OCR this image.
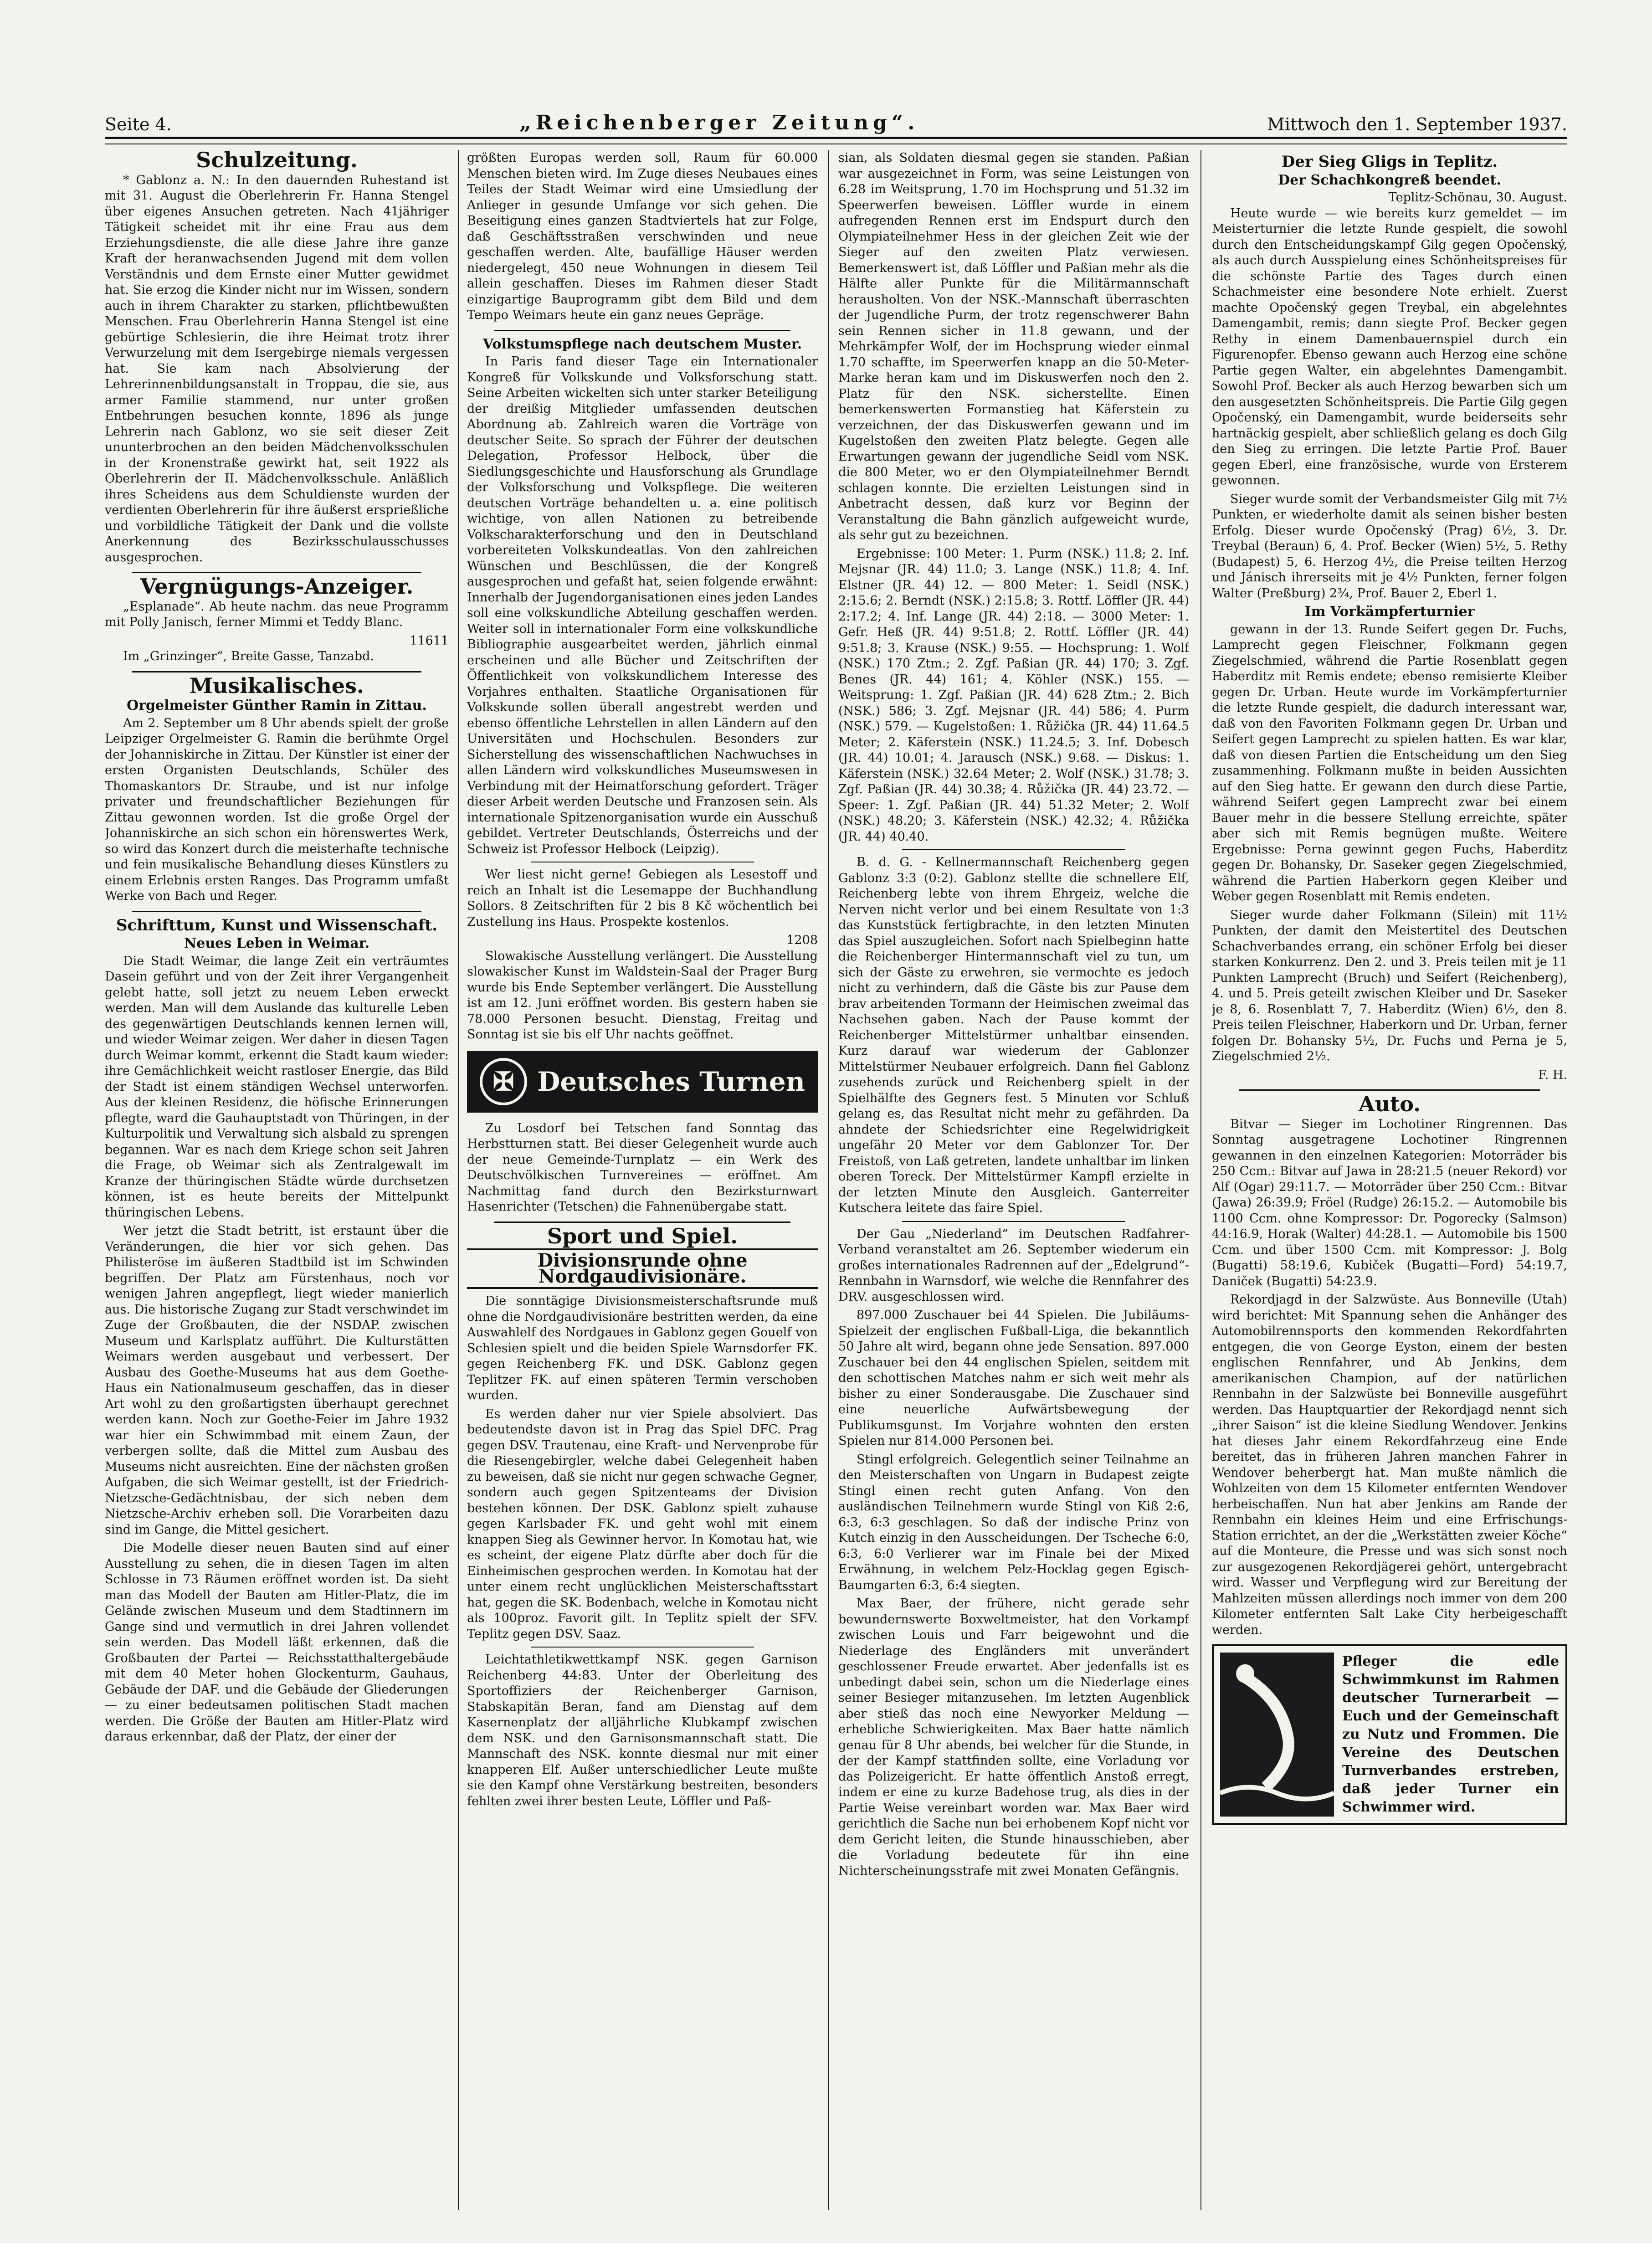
Seite 4.	„Reichenberger Zeitung“.	Mittwoch den 1. September 1937.
Schulzeitung.

* Gablonz a. N.: In den dauernden Ruhestand ist mit 31. August die Oberlehrerin Fr. Hanna Stengel über eigenes Ansuchen getreten. Nach 41jähriger Tätigkeit scheidet mit ihr eine Frau aus dem Erziehungsdienste, die alle diese Jahre ihre ganze Kraft der heranwachsenden Jugend mit dem vollen Verständnis und dem Ernste einer Mutter gewidmet hat. Sie erzog die Kinder nicht nur im Wissen, sondern auch in ihrem Charakter zu starken, pflichtbewußten Menschen. Frau Oberlehrerin Hanna Stengel ist eine gebürtige Schlesierin, die ihre Heimat trotz ihrer Verwurzelung mit dem Isergebirge niemals vergessen hat. Sie kam nach Absolvierung der Lehrerinnenbildungsanstalt in Troppau, die sie, aus armer Familie stammend, nur unter großen Entbehrungen besuchen konnte, 1896 als junge Lehrerin nach Gablonz, wo sie seit dieser Zeit ununterbrochen an den beiden Mädchenvolksschulen in der Kronenstraße gewirkt hat, seit 1922 als Oberlehrerin der II. Mädchenvolksschule. Anläßlich ihres Scheidens aus dem Schuldienste wurden der verdienten Oberlehrerin für ihre äußerst ersprießliche und vorbildliche Tätigkeit der Dank und die vollste Anerkennung des Bezirksschulausschusses ausgesprochen.

Vergnügungs-Anzeiger.

„Esplanade“. Ab heute nachm. das neue Programm mit Polly Janisch, ferner Mimmi et Teddy Blanc.

11611

Im „Grinzinger“, Breite Gasse, Tanzabd.

Musikalisches.
Orgelmeister Günther Ramin in Zittau.

Am 2. September um 8 Uhr abends spielt der große Leipziger Orgelmeister G. Ramin die berühmte Orgel der Johanniskirche in Zittau. Der Künstler ist einer der ersten Organisten Deutschlands, Schüler des Thomaskantors Dr. Straube, und ist nur infolge privater und freundschaftlicher Beziehungen für Zittau gewonnen worden. Ist die große Orgel der Johanniskirche an sich schon ein hörenswertes Werk, so wird das Konzert durch die meisterhafte technische und fein musikalische Behandlung dieses Künstlers zu einem Erlebnis ersten Ranges. Das Programm umfaßt Werke von Bach und Reger.

Schrifttum, Kunst und Wissenschaft.
Neues Leben in Weimar.

Die Stadt Weimar, die lange Zeit ein verträumtes Dasein geführt und von der Zeit ihrer Vergangenheit gelebt hatte, soll jetzt zu neuem Leben erweckt werden. Man will dem Auslande das kulturelle Leben des gegenwärtigen Deutschlands kennen lernen will, und wieder Weimar zeigen. Wer daher in diesen Tagen durch Weimar kommt, erkennt die Stadt kaum wieder: ihre Gemächlichkeit weicht rastloser Energie, das Bild der Stadt ist einem ständigen Wechsel unterworfen. Aus der kleinen Residenz, die höfische Erinnerungen pflegte, ward die Gauhauptstadt von Thüringen, in der Kulturpolitik und Verwaltung sich alsbald zu sprengen begannen. War es nach dem Kriege schon seit Jahren die Frage, ob Weimar sich als Zentralgewalt im Kranze der thüringischen Städte würde durchsetzen können, ist es heute bereits der Mittelpunkt thüringischen Lebens.

Wer jetzt die Stadt betritt, ist erstaunt über die Veränderungen, die hier vor sich gehen. Das Philisteröse im äußeren Stadtbild ist im Schwinden begriffen. Der Platz am Fürstenhaus, noch vor wenigen Jahren angepflegt, liegt wieder manierlich aus. Die historische Zugang zur Stadt verschwindet im Zuge der Großbauten, die der NSDAP. zwischen Museum und Karlsplatz aufführt. Die Kulturstätten Weimars werden ausgebaut und verbessert. Der Ausbau des Goethe-Museums hat aus dem Goethe-Haus ein Nationalmuseum geschaffen, das in dieser Art wohl zu den großartigsten überhaupt gerechnet werden kann. Noch zur Goethe-Feier im Jahre 1932 war hier ein Schwimmbad mit einem Zaun, der verbergen sollte, daß die Mittel zum Ausbau des Museums nicht ausreichten. Eine der nächsten großen Aufgaben, die sich Weimar gestellt, ist der Friedrich-Nietzsche-Gedächtnisbau, der sich neben dem Nietzsche-Archiv erheben soll. Die Vorarbeiten dazu sind im Gange, die Mittel gesichert.

Die Modelle dieser neuen Bauten sind auf einer Ausstellung zu sehen, die in diesen Tagen im alten Schlosse in 73 Räumen eröffnet worden ist. Da sieht man das Modell der Bauten am Hitler-Platz, die im Gelände zwischen Museum und dem Stadtinnern im Gange sind und vermutlich in drei Jahren vollendet sein werden. Das Modell läßt erkennen, daß die Großbauten der Partei — Reichsstatthaltergebäude mit dem 40 Meter hohen Glockenturm, Gauhaus, Gebäude der DAF. und die Gebäude der Gliederungen — zu einer bedeutsamen politischen Stadt machen werden. Die Größe der Bauten am Hitler-Platz wird daraus erkennbar, daß der Platz, der einer der

größten Europas werden soll, Raum für 60.000 Menschen bieten wird. Im Zuge dieses Neubaues eines Teiles der Stadt Weimar wird eine Umsiedlung der Anlieger in gesunde Umfange vor sich gehen. Die Beseitigung eines ganzen Stadtviertels hat zur Folge, daß Geschäftsstraßen verschwinden und neue geschaffen werden. Alte, baufällige Häuser werden niedergelegt, 450 neue Wohnungen in diesem Teil allein geschaffen. Dieses im Rahmen dieser Stadt einzigartige Bauprogramm gibt dem Bild und dem Tempo Weimars heute ein ganz neues Gepräge.

Volkstumspflege nach deutschem Muster.

In Paris fand dieser Tage ein Internationaler Kongreß für Volkskunde und Volksforschung statt. Seine Arbeiten wickelten sich unter starker Beteiligung der dreißig Mitglieder umfassenden deutschen Abordnung ab. Zahlreich waren die Vorträge von deutscher Seite. So sprach der Führer der deutschen Delegation, Professor Helbock, über die Siedlungsgeschichte und Hausforschung als Grundlage der Volksforschung und Volkspflege. Die weiteren deutschen Vorträge behandelten u. a. eine politisch wichtige, von allen Nationen zu betreibende Volkscharakterforschung und den in Deutschland vorbereiteten Volkskundeatlas. Von den zahlreichen Wünschen und Beschlüssen, die der Kongreß ausgesprochen und gefaßt hat, seien folgende erwähnt: Innerhalb der Jugendorganisationen eines jeden Landes soll eine volkskundliche Abteilung geschaffen werden. Weiter soll in internationaler Form eine volkskundliche Bibliographie ausgearbeitet werden, jährlich einmal erscheinen und alle Bücher und Zeitschriften der Öffentlichkeit von volkskundlichem Interesse des Vorjahres enthalten. Staatliche Organisationen für Volkskunde sollen überall angestrebt werden und ebenso öffentliche Lehrstellen in allen Ländern auf den Universitäten und Hochschulen. Besonders zur Sicherstellung des wissenschaftlichen Nachwuchses in allen Ländern wird volkskundliches Museumswesen in Verbindung mit der Heimatforschung gefordert. Träger dieser Arbeit werden Deutsche und Franzosen sein. Als internationale Spitzenorganisation wurde ein Ausschuß gebildet. Vertreter Deutschlands, Österreichs und der Schweiz ist Professor Helbock (Leipzig).

Wer liest nicht gerne! Gebiegen als Lesestoff und reich an Inhalt ist die Lesemappe der Buchhandlung Sollors. 8 Zeitschriften für 2 bis 8 Kč wöchentlich bei Zustellung ins Haus. Prospekte kostenlos.

1208

Slowakische Ausstellung verlängert. Die Ausstellung slowakischer Kunst im Waldstein-Saal der Prager Burg wurde bis Ende September verlängert. Die Ausstellung ist am 12. Juni eröffnet worden. Bis gestern haben sie 78.000 Personen besucht. Dienstag, Freitag und Sonntag ist sie bis elf Uhr nachts geöffnet.

✠ Deutsches Turnen

Zu Losdorf bei Tetschen fand Sonntag das Herbstturnen statt. Bei dieser Gelegenheit wurde auch der neue Gemeinde-Turnplatz — ein Werk des Deutschvölkischen Turnvereines — eröffnet. Am Nachmittag fand durch den Bezirksturnwart Hasenrichter (Tetschen) die Fahnenübergabe statt.

Sport und Spiel.
Divisionsrunde ohne Nordgaudivisionäre.

Die sonntägige Divisionsmeisterschaftsrunde muß ohne die Nordgaudivisionäre bestritten werden, da eine Auswahlelf des Nordgaues in Gablonz gegen Gouelf von Schlesien spielt und die beiden Spiele Warnsdorfer FK. gegen Reichenberg FK. und DSK. Gablonz gegen Teplitzer FK. auf einen späteren Termin verschoben wurden.

Es werden daher nur vier Spiele absolviert. Das bedeutendste davon ist in Prag das Spiel DFC. Prag gegen DSV. Trautenau, eine Kraft- und Nervenprobe für die Riesengebirgler, welche dabei Gelegenheit haben zu beweisen, daß sie nicht nur gegen schwache Gegner, sondern auch gegen Spitzenteams der Division bestehen können. Der DSK. Gablonz spielt zuhause gegen Karlsbader FK. und geht wohl mit einem knappen Sieg als Gewinner hervor. In Komotau hat, wie es scheint, der eigene Platz dürfte aber doch für die Einheimischen gesprochen werden. In Komotau hat der unter einem recht unglücklichen Meisterschaftsstart hat, gegen die SK. Bodenbach, welche in Komotau nicht als 100proz. Favorit gilt. In Teplitz spielt der SFV. Teplitz gegen DSV. Saaz.

Leichtathletikwettkampf NSK. gegen Garnison Reichenberg 44:83. Unter der Oberleitung des Sportoffiziers der Reichenberger Garnison, Stabskapitän Beran, fand am Dienstag auf dem Kasernenplatz der alljährliche Klubkampf zwischen dem NSK. und den Garnisonsmannschaft statt. Die Mannschaft des NSK. konnte diesmal nur mit einer knapperen Elf. Außer unterschiedlicher Leute mußte sie den Kampf ohne Verstärkung bestreiten, besonders fehlten zwei ihrer besten Leute, Löffler und Paß-

sian, als Soldaten diesmal gegen sie standen. Paßian war ausgezeichnet in Form, was seine Leistungen von 6.28 im Weitsprung, 1.70 im Hochsprung und 51.32 im Speerwerfen beweisen. Löffler wurde in einem aufregenden Rennen erst im Endspurt durch den Olympiateilnehmer Hess in der gleichen Zeit wie der Sieger auf den zweiten Platz verwiesen. Bemerkenswert ist, daß Löffler und Paßian mehr als die Hälfte aller Punkte für die Militärmannschaft herausholten. Von der NSK.-Mannschaft überraschten der Jugendliche Purm, der trotz regenschwerer Bahn sein Rennen sicher in 11.8 gewann, und der Mehrkämpfer Wolf, der im Hochsprung wieder einmal 1.70 schaffte, im Speerwerfen knapp an die 50-Meter-Marke heran kam und im Diskuswerfen noch den 2. Platz für den NSK. sicherstellte. Einen bemerkenswerten Formanstieg hat Käferstein zu verzeichnen, der das Diskuswerfen gewann und im Kugelstoßen den zweiten Platz belegte. Gegen alle Erwartungen gewann der jugendliche Seidl vom NSK. die 800 Meter, wo er den Olympiateilnehmer Berndt schlagen konnte. Die erzielten Leistungen sind in Anbetracht dessen, daß kurz vor Beginn der Veranstaltung die Bahn gänzlich aufgeweicht wurde, als sehr gut zu bezeichnen.

Ergebnisse: 100 Meter: 1. Purm (NSK.) 11.8; 2. Inf. Mejsnar (JR. 44) 11.0; 3. Lange (NSK.) 11.8; 4. Inf. Elstner (JR. 44) 12. — 800 Meter: 1. Seidl (NSK.) 2:15.6; 2. Berndt (NSK.) 2:15.8; 3. Rottf. Löffler (JR. 44) 2:17.2; 4. Inf. Lange (JR. 44) 2:18. — 3000 Meter: 1. Gefr. Heß (JR. 44) 9:51.8; 2. Rottf. Löffler (JR. 44) 9:51.8; 3. Krause (NSK.) 9:55. — Hochsprung: 1. Wolf (NSK.) 170 Ztm.; 2. Zgf. Paßian (JR. 44) 170; 3. Zgf. Benes (JR. 44) 161; 4. Köhler (NSK.) 155. — Weitsprung: 1. Zgf. Paßian (JR. 44) 628 Ztm.; 2. Bich (NSK.) 586; 3. Zgf. Mejsnar (JR. 44) 586; 4. Purm (NSK.) 579. — Kugelstoßen: 1. Růžička (JR. 44) 11.64.5 Meter; 2. Käferstein (NSK.) 11.24.5; 3. Inf. Dobesch (JR. 44) 10.01; 4. Jarausch (NSK.) 9.68. — Diskus: 1. Käferstein (NSK.) 32.64 Meter; 2. Wolf (NSK.) 31.78; 3. Zgf. Paßian (JR. 44) 30.38; 4. Růžička (JR. 44) 23.72. — Speer: 1. Zgf. Paßian (JR. 44) 51.32 Meter; 2. Wolf (NSK.) 48.20; 3. Käferstein (NSK.) 42.32; 4. Růžička (JR. 44) 40.40.

B. d. G. - Kellnermannschaft Reichenberg gegen Gablonz 3:3 (0:2). Gablonz stellte die schnellere Elf, Reichenberg lebte von ihrem Ehrgeiz, welche die Nerven nicht verlor und bei einem Resultate von 1:3 das Kunststück fertigbrachte, in den letzten Minuten das Spiel auszugleichen. Sofort nach Spielbeginn hatte die Reichenberger Hintermannschaft viel zu tun, um sich der Gäste zu erwehren, sie vermochte es jedoch nicht zu verhindern, daß die Gäste bis zur Pause dem brav arbeitenden Tormann der Heimischen zweimal das Nachsehen gaben. Nach der Pause kommt der Reichenberger Mittelstürmer unhaltbar einsenden. Kurz darauf war wiederum der Gablonzer Mittelstürmer Neubauer erfolgreich. Dann fiel Gablonz zusehends zurück und Reichenberg spielt in der Spielhälfte des Gegners fest. 5 Minuten vor Schluß gelang es, das Resultat nicht mehr zu gefährden. Da ahndete der Schiedsrichter eine Regelwidrigkeit ungefähr 20 Meter vor dem Gablonzer Tor. Der Freistoß, von Laß getreten, landete unhaltbar im linken oberen Toreck. Der Mittelstürmer Kampfl erzielte in der letzten Minute den Ausgleich. Ganterreiter Kutschera leitete das faire Spiel.

Der Gau „Niederland“ im Deutschen Radfahrer-Verband veranstaltet am 26. September wiederum ein großes internationales Radrennen auf der „Edelgrund“-Rennbahn in Warnsdorf, wie welche die Rennfahrer des DRV. ausgeschlossen wird.

897.000 Zuschauer bei 44 Spielen. Die Jubiläums-Spielzeit der englischen Fußball-Liga, die bekanntlich 50 Jahre alt wird, begann ohne jede Sensation. 897.000 Zuschauer bei den 44 englischen Spielen, seitdem mit den schottischen Matches nahm er sich weit mehr als bisher zu einer Sonderausgabe. Die Zuschauer sind eine neuerliche Aufwärtsbewegung der Publikumsgunst. Im Vorjahre wohnten den ersten Spielen nur 814.000 Personen bei.

Stingl erfolgreich. Gelegentlich seiner Teilnahme an den Meisterschaften von Ungarn in Budapest zeigte Stingl einen recht guten Anfang. Von den ausländischen Teilnehmern wurde Stingl von Kiß 2:6, 6:3, 6:3 geschlagen. So daß der indische Prinz von Kutch einzig in den Ausscheidungen. Der Tscheche 6:0, 6:3, 6:0 Verlierer war im Finale bei der Mixed Erwähnung, in welchem Pelz-Hocklag gegen Egisch-Baumgarten 6:3, 6:4 siegten.

Max Baer, der frühere, nicht gerade sehr bewundernswerte Boxweltmeister, hat den Vorkampf zwischen Louis und Farr beigewohnt und die Niederlage des Engländers mit unverändert geschlossener Freude erwartet. Aber jedenfalls ist es unbedingt dabei sein, schon um die Niederlage eines seiner Besieger mitanzusehen. Im letzten Augenblick aber stieß das noch eine Newyorker Meldung — erhebliche Schwierigkeiten. Max Baer hatte nämlich genau für 8 Uhr abends, bei welcher für die Stunde, in der der Kampf stattfinden sollte, eine Vorladung vor das Polizeigericht. Er hatte öffentlich Anstoß erregt, indem er eine zu kurze Badehose trug, als dies in der Partie Weise vereinbart worden war. Max Baer wird gerichtlich die Sache nun bei erhobenem Kopf nicht vor dem Gericht leiten, die Stunde hinausschieben, aber die Vorladung bedeutete für ihn eine Nichterscheinungsstrafe mit zwei Monaten Gefängnis.

Der Sieg Gligs in Teplitz.
Der Schachkongreß beendet.
Teplitz-Schönau, 30. August.

Heute wurde — wie bereits kurz gemeldet — im Meisterturnier die letzte Runde gespielt, die sowohl durch den Entscheidungskampf Gilg gegen Opočenský, als auch durch Ausspielung eines Schönheitspreises für die schönste Partie des Tages durch einen Schachmeister eine besondere Note erhielt. Zuerst machte Opočenský gegen Treybal, ein abgelehntes Damengambit, remis; dann siegte Prof. Becker gegen Rethy in einem Damenbauernspiel durch ein Figurenopfer. Ebenso gewann auch Herzog eine schöne Partie gegen Walter, ein abgelehntes Damengambit. Sowohl Prof. Becker als auch Herzog bewarben sich um den ausgesetzten Schönheitspreis. Die Partie Gilg gegen Opočenský, ein Damengambit, wurde beiderseits sehr hartnäckig gespielt, aber schließlich gelang es doch Gilg den Sieg zu erringen. Die letzte Partie Prof. Bauer gegen Eberl, eine französische, wurde von Ersterem gewonnen.

Sieger wurde somit der Verbandsmeister Gilg mit 7½ Punkten, er wiederholte damit als seinen bisher besten Erfolg. Dieser wurde Opočenský (Prag) 6½, 3. Dr. Treybal (Beraun) 6, 4. Prof. Becker (Wien) 5½, 5. Rethy (Budapest) 5, 6. Herzog 4½, die Preise teilten Herzog und Jánisch ihrerseits mit je 4½ Punkten, ferner folgen Walter (Preßburg) 2¾, Prof. Bauer 2, Eberl 1.

Im Vorkämpferturnier

gewann in der 13. Runde Seifert gegen Dr. Fuchs, Lamprecht gegen Fleischner, Folkmann gegen Ziegelschmied, während die Partie Rosenblatt gegen Haberditz mit Remis endete; ebenso remisierte Kleiber gegen Dr. Urban. Heute wurde im Vorkämpferturnier die letzte Runde gespielt, die dadurch interessant war, daß von den Favoriten Folkmann gegen Dr. Urban und Seifert gegen Lamprecht zu spielen hatten. Es war klar, daß von diesen Partien die Entscheidung um den Sieg zusammenhing. Folkmann mußte in beiden Aussichten auf den Sieg hatte. Er gewann den durch diese Partie, während Seifert gegen Lamprecht zwar bei einem Bauer mehr in die bessere Stellung erreichte, später aber sich mit Remis begnügen mußte. Weitere Ergebnisse: Perna gewinnt gegen Fuchs, Haberditz gegen Dr. Bohansky, Dr. Saseker gegen Ziegelschmied, während die Partien Haberkorn gegen Kleiber und Weber gegen Rosenblatt mit Remis endeten.

Sieger wurde daher Folkmann (Silein) mit 11½ Punkten, der damit den Meistertitel des Deutschen Schachverbandes errang, ein schöner Erfolg bei dieser starken Konkurrenz. Den 2. und 3. Preis teilen mit je 11 Punkten Lamprecht (Bruch) und Seifert (Reichenberg), 4. und 5. Preis geteilt zwischen Kleiber und Dr. Saseker je 8, 6. Rosenblatt 7, 7. Haberditz (Wien) 6½, den 8. Preis teilen Fleischner, Haberkorn und Dr. Urban, ferner folgen Dr. Bohansky 5½, Dr. Fuchs und Perna je 5, Ziegelschmied 2½.

F. H.
Auto.

Bitvar — Sieger im Lochotiner Ringrennen. Das Sonntag ausgetragene Lochotiner Ringrennen gewannen in den einzelnen Kategorien: Motorräder bis 250 Ccm.: Bitvar auf Jawa in 28:21.5 (neuer Rekord) vor Alf (Ogar) 29:11.7. — Motorräder über 250 Ccm.: Bitvar (Jawa) 26:39.9; Fröel (Rudge) 26:15.2. — Automobile bis 1100 Ccm. ohne Kompressor: Dr. Pogorecky (Salmson) 44:16.9, Horak (Walter) 44:28.1. — Automobile bis 1500 Ccm. und über 1500 Ccm. mit Kompressor: J. Bolg (Bugatti) 58:19.6, Kubiček (Bugatti—Ford) 54:19.7, Daniček (Bugatti) 54:23.9.

Rekordjagd in der Salzwüste. Aus Bonneville (Utah) wird berichtet: Mit Spannung sehen die Anhänger des Automobilrennsports den kommenden Rekordfahrten entgegen, die von George Eyston, einem der besten englischen Rennfahrer, und Ab Jenkins, dem amerikanischen Champion, auf der natürlichen Rennbahn in der Salzwüste bei Bonneville ausgeführt werden. Das Hauptquartier der Rekordjagd nennt sich „ihrer Saison“ ist die kleine Siedlung Wendover. Jenkins hat dieses Jahr einem Rekordfahrzeug eine Ende bereitet, das in früheren Jahren manchen Fahrer in Wendover beherbergt hat. Man mußte nämlich die Wohlzeiten von dem 15 Kilometer entfernten Wendover herbeischaffen. Nun hat aber Jenkins am Rande der Rennbahn ein kleines Heim und eine Erfrischungs-Station errichtet, an der die „Werkstätten zweier Köche“ auf die Monteure, die Presse und was sich sonst noch zur ausgezogenen Rekordjägerei gehört, untergebracht wird. Wasser und Verpflegung wird zur Bereitung der Mahlzeiten müssen allerdings noch immer von dem 200 Kilometer entfernten Salt Lake City herbeigeschafft werden.

Pfleger die edle Schwimmkunst im Rahmen deutscher Turnerarbeit — Euch und der Gemeinschaft zu Nutz und Frommen. Die Vereine des Deutschen Turnverbandes erstreben, daß jeder Turner ein Schwimmer wird.
